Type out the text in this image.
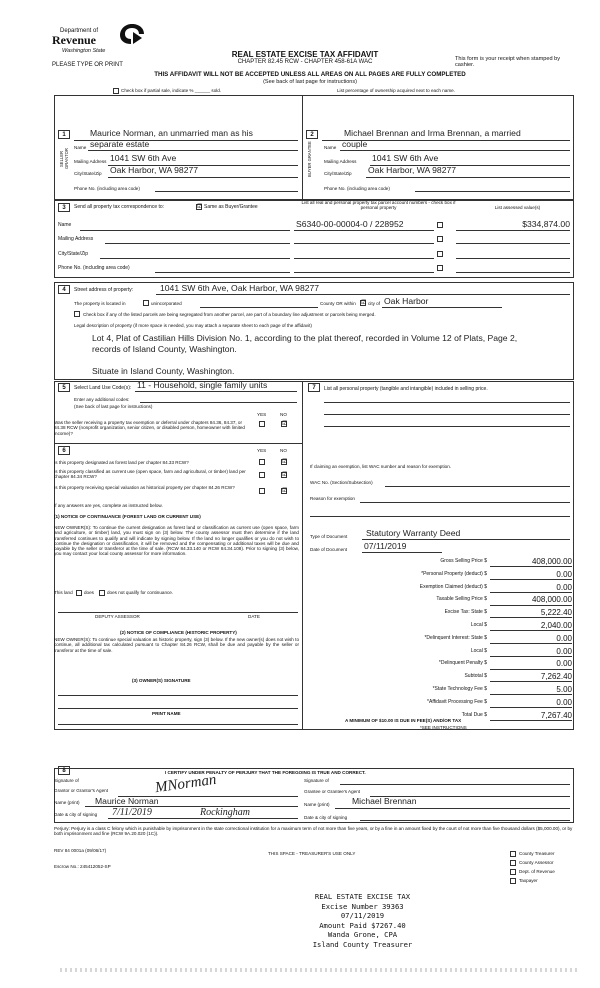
Department of
Revenue
Washington State
PLEASE TYPE OR PRINT
REAL ESTATE EXCISE TAX AFFIDAVIT
CHAPTER 82.45 RCW - CHAPTER 458-61A WAC	This form is your receipt when stamped by cashier.
THIS AFFIDAVIT WILL NOT BE ACCEPTED UNLESS ALL AREAS ON ALL PAGES ARE FULLY COMPLETED
(See back of last page for instructions)
Check box if partial sale, indicate % ______ sold.	List percentage of ownership acquired next to each name.
1
SELLER GRANTOR
Maurice Norman, an unmarried man as his
Name separate estate
Mailing Address 1041 SW 6th Ave
City/State/Zip Oak Harbor, WA 98277
Phone No. (including area code)
2
BUYER GRANTEE
Michael Brennan and Irma Brennan, a married
Name couple
Mailing Address 1041 SW 6th Ave
City/State/Zip Oak Harbor, WA 98277
Phone No. (including area code)
3	Send all property tax correspondence to:	☑ Same as Buyer/Grantee
List all real and personal property tax parcel account numbers - check box if personal property	List assessed value(s)
Name	S6340-00-00004-0 / 228952	$334,874.00
Mailing Address
City/State/Zip
Phone No. (including area code)
4	Street address of property:	1041 SW 6th Ave, Oak Harbor, WA 98277
The property is located in	unincorporated	County OR within ☑ city of Oak Harbor
Check box if any of the listed parcels are being segregated from another parcel, are part of a boundary line adjustment or parcels being merged.
Legal description of property (if more space is needed, you may attach a separate sheet to each page of the affidavit)
Lot 4, Plat of Castilian Hills Division No. 1, according to the plat thereof, recorded in Volume 12 of Plats, Page 2,
records of Island County, Washington.
Situate in Island County, Washington.
5	Select Land Use Code(s): 11 - Household, single family units
Enter any additional codes:
(See back of last page for instructions)
YES	NO
Was the seller receiving a property tax exemption or deferral under chapters 84.36, 84.37, or 84.38 RCW (nonprofit organization, senior citizen, or disabled person, homeowner with limited income)?
☑
7	List all personal property (tangible and intangible) included in selling price.
6	YES	NO
Is this property designated as forest land per chapter 84.33 RCW?	☑
Is this property classified as current use (open space, farm and agricultural, or timber) land per chapter 84.34 RCW?	☑
Is this property receiving special valuation as historical property per chapter 84.26 RCW?
☑
If any answers are yes, complete as instructed below.
(1) NOTICE OF CONTINUANCE (FOREST LAND OR CURRENT USE)
NEW OWNER(S): To continue the current designation as forest land or classification as current use (open space, farm and agriculture, or timber) land, you must sign on (3) below. The county assessor must then determine if the land transferred continues to qualify and will indicate by signing below. If the land no longer qualifies or you do not wish to continue the designation or classification, it will be removed and the compensating or additional taxes will be due and payable by the seller or transferor at the time of sale. (RCW 84.33.140 or RCW 84.34.108). Prior to signing (3) below, you may contact your local county assessor for more information.
This land does	does not qualify for continuance.
DEPUTY ASSESSOR	DATE
(2) NOTICE OF COMPLIANCE (HISTORIC PROPERTY)
NEW OWNER(S): To continue special valuation as historic property, sign (3) below. If the new owner(s) does not wish to continue, all additional tax calculated pursuant to Chapter 84.26 RCW, shall be due and payable by the seller or transferor at the time of sale.
(3) OWNER(S) SIGNATURE
PRINT NAME
If claiming an exemption, list WAC number and reason for exemption.
WAC No. (Section/Subsection)
Reason for exemption
Type of Document Statutory Warranty Deed
Date of Document 07/11/2019
Gross Selling Price $	408,000.00
*Personal Property (deduct) $	0.00
Exemption Claimed (deduct) $	0.00
Taxable Selling Price $	408,000.00
Excise Tax: State $	5,222.40
Local $	2,040.00
*Delinquent Interest: State $	0.00
Local $	0.00
*Delinquent Penalty $	0.00
Subtotal $	7,262.40
*State Technology Fee $	5.00
*Affidavit Processing Fee $	0.00
Total Due $	7,267.40
A MINIMUM OF $10.00 IS DUE IN FEE(S) AND/OR TAX
*SEE INSTRUCTIONS
8	I CERTIFY UNDER PENALTY OF PERJURY THAT THE FOREGOING IS TRUE AND CORRECT.
Signature of
Grantor or Grantor's Agent	MNorman
Name (print) Maurice Norman
Date & city of signing 7/11/2019	Rockingham
Signature of
Grantee or Grantee's Agent
Name (print)	Michael Brennan
Date & city of signing
Perjury: Perjury is a class C felony which is punishable by imprisonment in the state correctional institution for a maximum term of not more than five years, or by a fine in an amount fixed by the court of not more than five thousand dollars ($5,000.00), or by both imprisonment and fine (RCW 9A.20.020 (1C)).
REV 84 0001a (09/06/17)
THIS SPACE - TREASURER'S USE ONLY
Escrow No.: 245412052-SP
County Treasurer
County Assessor
Dept. of Revenue
Taxpayer
REAL ESTATE EXCISE TAX
Excise Number 39363
07/11/2019
Amount Paid $7267.40
Wanda Grone, CPA
Island County Treasurer
